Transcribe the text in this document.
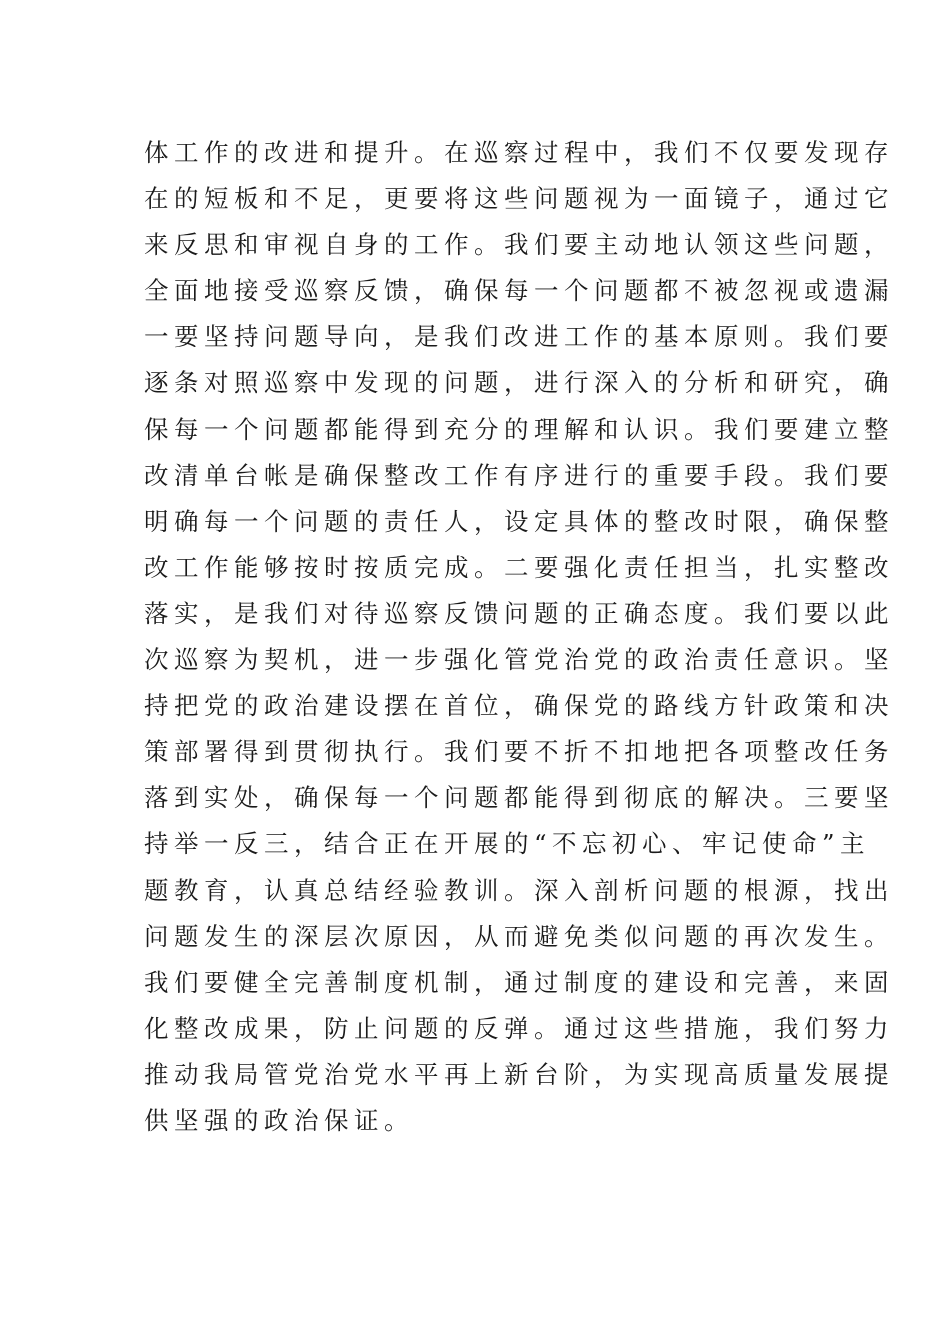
体工作的改进和提升。在巡察过程中，我们不仅要发现存
在的短板和不足，更要将这些问题视为一面镜子，通过它
来反思和审视自身的工作。我们要主动地认领这些问题，
全面地接受巡察反馈，确保每一个问题都不被忽视或遗漏
一要坚持问题导向，是我们改进工作的基本原则。我们要
逐条对照巡察中发现的问题，进行深入的分析和研究，确
保每一个问题都能得到充分的理解和认识。我们要建立整
改清单台帐是确保整改工作有序进行的重要手段。我们要
明确每一个问题的责任人，设定具体的整改时限，确保整
改工作能够按时按质完成。二要强化责任担当，扎实整改
落实，是我们对待巡察反馈问题的正确态度。我们要以此
次巡察为契机，进一步强化管党治党的政治责任意识。坚
持把党的政治建设摆在首位，确保党的路线方针政策和决
策部署得到贯彻执行。我们要不折不扣地把各项整改任务
落到实处，确保每一个问题都能得到彻底的解决。三要坚
持举一反三，结合正在开展的“不忘初心、牢记使命”主
题教育，认真总结经验教训。深入剖析问题的根源，找出
问题发生的深层次原因，从而避免类似问题的再次发生。
我们要健全完善制度机制，通过制度的建设和完善，来固
化整改成果，防止问题的反弹。通过这些措施，我们努力
推动我局管党治党水平再上新台阶，为实现高质量发展提
供坚强的政治保证。
